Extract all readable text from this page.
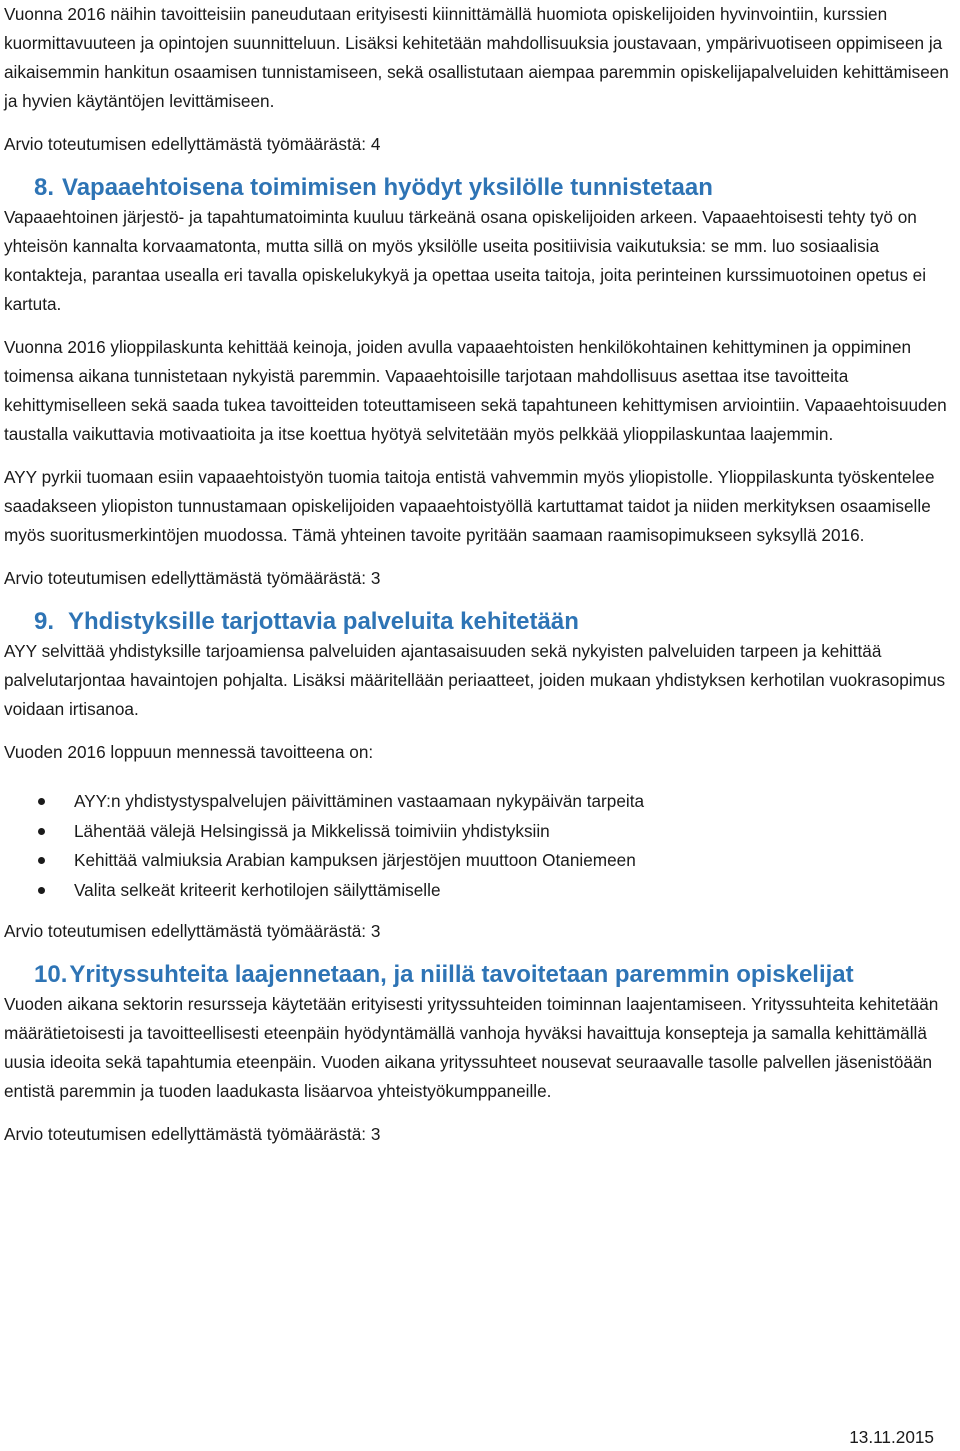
Vuonna 2016 näihin tavoitteisiin paneudutaan erityisesti kiinnittämällä huomiota opiskelijoiden hyvinvointiin, kurssien kuormittavuuteen ja opintojen suunnitteluun. Lisäksi kehitetään mahdollisuuksia joustavaan, ympärivuotiseen oppimiseen ja aikaisemmin hankitun osaamisen tunnistamiseen, sekä osallistutaan aiempaa paremmin opiskelijapalveluiden kehittämiseen ja hyvien käytäntöjen levittämiseen.

Arvio toteutumisen edellyttämästä työmäärästä: 4

8. Vapaaehtoisena toimimisen hyödyt yksilölle tunnistetaan

Vapaaehtoinen järjestö- ja tapahtumatoiminta kuuluu tärkeänä osana opiskelijoiden arkeen. Vapaaehtoisesti tehty työ on yhteisön kannalta korvaamatonta, mutta sillä on myös yksilölle useita positiivisia vaikutuksia: se mm. luo sosiaalisia kontakteja, parantaa usealla eri tavalla opiskelukykyä ja opettaa useita taitoja, joita perinteinen kurssimuotoinen opetus ei kartuta.

Vuonna 2016 ylioppilaskunta kehittää keinoja, joiden avulla vapaaehtoisten henkilökohtainen kehittyminen ja oppiminen toimensa aikana tunnistetaan nykyistä paremmin. Vapaaehtoisille tarjotaan mahdollisuus asettaa itse tavoitteita kehittymiselleen sekä saada tukea tavoitteiden toteuttamiseen sekä tapahtuneen kehittymisen arviointiin. Vapaaehtoisuuden taustalla vaikuttavia motivaatioita ja itse koettua hyötyä selvitetään myös pelkkää ylioppilaskuntaa laajemmin.

AYY pyrkii tuomaan esiin vapaaehtoistyön tuomia taitoja entistä vahvemmin myös yliopistolle. Ylioppilaskunta työskentelee saadakseen yliopiston tunnustamaan opiskelijoiden vapaaehtoistyöllä kartuttamat taidot ja niiden merkityksen osaamiselle myös suoritusmerkintöjen muodossa. Tämä yhteinen tavoite pyritään saamaan raamisopimukseen syksyllä 2016.

Arvio toteutumisen edellyttämästä työmäärästä: 3

9. Yhdistyksille tarjottavia palveluita kehitetään

AYY selvittää yhdistyksille tarjoamiensa palveluiden ajantasaisuuden sekä nykyisten palveluiden tarpeen ja kehittää palvelutarjontaa havaintojen pohjalta. Lisäksi määritellään periaatteet, joiden mukaan yhdistyksen kerhotilan vuokrasopimus voidaan irtisanoa.

Vuoden 2016 loppuun mennessä tavoitteena on:

AYY:n yhdistystyspalvelujen päivittäminen vastaamaan nykypäivän tarpeita
Lähentää välejä Helsingissä ja Mikkelissä toimiviin yhdistyksiin
Kehittää valmiuksia Arabian kampuksen järjestöjen muuttoon Otaniemeen
Valita selkeät kriteerit kerhotilojen säilyttämiselle

Arvio toteutumisen edellyttämästä työmäärästä: 3

10. Yrityssuhteita laajennetaan, ja niillä tavoitetaan paremmin opiskelijat

Vuoden aikana sektorin resursseja käytetään erityisesti yrityssuhteiden toiminnan laajentamiseen. Yrityssuhteita kehitetään määrätietoisesti ja tavoitteellisesti eteenpäin hyödyntämällä vanhoja hyväksi havaittuja konsepteja ja samalla kehittämällä uusia ideoita sekä tapahtumia eteenpäin. Vuoden aikana yrityssuhteet nousevat seuraavalle tasolle palvellen jäsenistöään entistä paremmin ja tuoden laadukasta lisäarvoa yhteistyökumppaneille.

Arvio toteutumisen edellyttämästä työmäärästä: 3

13.11.2015
